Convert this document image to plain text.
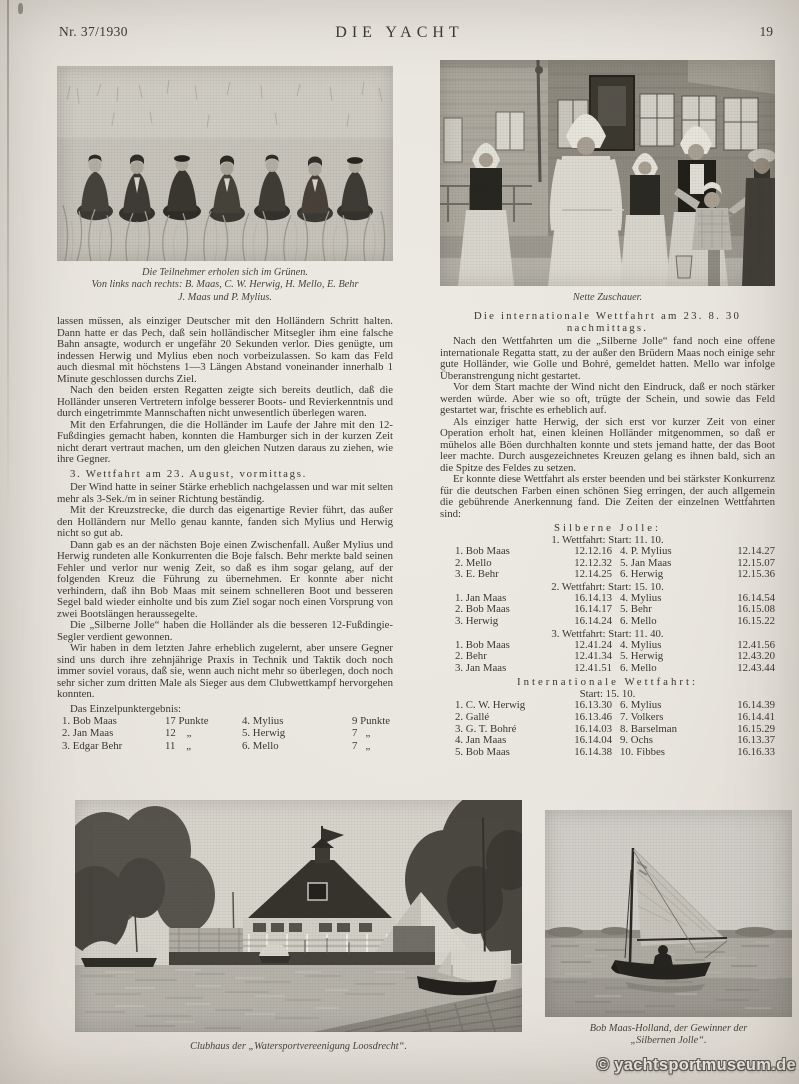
Nr. 37/1930	DIE YACHT	19
Die Teilnehmer erholen sich im Grünen.
Von links nach rechts: B. Maas, C. W. Herwig, H. Mello, E. Behr
J. Maas und P. Mylius.

lassen müssen, als einziger Deutscher mit den Holländern Schritt halten. Dann hatte er das Pech, daß sein holländischer Mitsegler ihm eine falsche Bahn ansagte, wodurch er ungefähr 20 Sekunden verlor. Dies genügte, um indessen Herwig und Mylius eben noch vorbeizulassen. So kam das Feld auch diesmal mit höchstens 1—3 Längen Abstand voneinander innerhalb 1 Minute geschlossen durchs Ziel.

Nach den beiden ersten Regatten zeigte sich bereits deutlich, daß die Holländer unseren Vertretern infolge besserer Boots- und Revierkenntnis und durch eingetrimmte Mannschaften nicht unwesentlich überlegen waren.

Mit den Erfahrungen, die die Holländer im Laufe der Jahre mit den 12-Fußdingies gemacht haben, konnten die Hamburger sich in der kurzen Zeit nicht derart vertraut machen, um den gleichen Nutzen daraus zu ziehen, wie ihre Gegner.

3. Wettfahrt am 23. August, vormittags.

Der Wind hatte in seiner Stärke erheblich nachgelassen und war mit selten mehr als 3-Sek./m in seiner Richtung beständig.

Mit der Kreuzstrecke, die durch das eigenartige Revier führt, das außer den Holländern nur Mello genau kannte, fanden sich Mylius und Herwig nicht so gut ab.

Dann gab es an der nächsten Boje einen Zwischenfall. Außer Mylius und Herwig rundeten alle Konkurrenten die Boje falsch. Behr merkte bald seinen Fehler und verlor nur wenig Zeit, so daß es ihm sogar gelang, auf der folgenden Kreuz die Führung zu übernehmen. Er konnte aber nicht verhindern, daß ihn Bob Maas mit seinem schnelleren Boot und besseren Segel bald wieder einholte und bis zum Ziel sogar noch einen Vorsprung von zwei Bootslängen heraussegelte.

Die „Silberne Jolle“ haben die Holländer als die besseren 12-Fußdingie-Segler verdient gewonnen.

Wir haben in dem letzten Jahre erheblich zugelernt, aber unsere Gegner sind uns durch ihre zehnjährige Praxis in Technik und Taktik doch noch immer soviel voraus, daß sie, wenn auch nicht mehr so überlegen, doch noch sehr sicher zum dritten Male als Sieger aus dem Clubwettkampf hervorgehen konnten.

Das Einzelpunktergebnis:

1. Bob Maas	17 Punkte	4. Mylius	9 Punkte
2. Jan Maas	12    „	5. Herwig	7   „
3. Edgar Behr	11    „	6. Mello	7   „
Nette Zuschauer.
Die internationale Wettfahrt am 23. 8. 30
nachmittags.

Nach den Wettfahrten um die „Silberne Jolle“ fand noch eine offene internationale Regatta statt, zu der außer den Brüdern Maas noch einige sehr gute Holländer, wie Golle und Bohré, gemeldet hatten. Mello war infolge Überanstrengung nicht gestartet.

Vor dem Start machte der Wind nicht den Eindruck, daß er noch stärker werden würde. Aber wie so oft, trügte der Schein, und sowie das Feld gestartet war, frischte es erheblich auf.

Als einziger hatte Herwig, der sich erst vor kurzer Zeit von einer Operation erholt hat, einen kleinen Holländer mitgenommen, so daß er mühelos alle Böen durchhalten konnte und stets jemand hatte, der das Boot leer machte. Durch ausgezeichnetes Kreuzen gelang es ihnen bald, sich an die Spitze des Feldes zu setzen.

Er konnte diese Wettfahrt als erster beenden und bei stärkster Konkurrenz für die deutschen Farben einen schönen Sieg erringen, der auch allgemein die gebührende Anerkennung fand. Die Zeiten der einzelnen Wettfahrten sind:

Silberne Jolle:
1. Wettfahrt: Start: 11. 10.
1. Bob Maas	12.12.16 4. P. Mylius	12.14.27
2. Mello	12.12.32 5. Jan Maas	12.15.07
3. E. Behr	12.14.25 6. Herwig	12.15.36
2. Wettfahrt: Start: 15. 10.
1. Jan Maas	16.14.13 4. Mylius	16.14.54
2. Bob Maas	16.14.17 5. Behr	16.15.08
3. Herwig	16.14.24 6. Mello	16.15.22
3. Wettfahrt: Start: 11. 40.
1. Bob Maas	12.41.24 4. Mylius	12.41.56
2. Behr	12.41.34 5. Herwig	12.43.20
3. Jan Maas	12.41.51 6. Mello	12.43.44
Internationale Wettfahrt:
Start: 15. 10.
1. C. W. Herwig	16.13.30 6. Mylius	16.14.39
2. Gallé	16.13.46 7. Volkers	16.14.41
3. G. T. Bohré	16.14.03 8. Barselman	16.15.29
4. Jan Maas	16.14.04 9. Ochs	16.13.37
5. Bob Maas	16.14.38 10. Fibbes	16.16.33
Clubhaus der „Watersportvereenigung Loosdrecht“.
Bob Maas-Holland, der Gewinner der
„Silbernen Jolle“.
© yachtsportmuseum.de
